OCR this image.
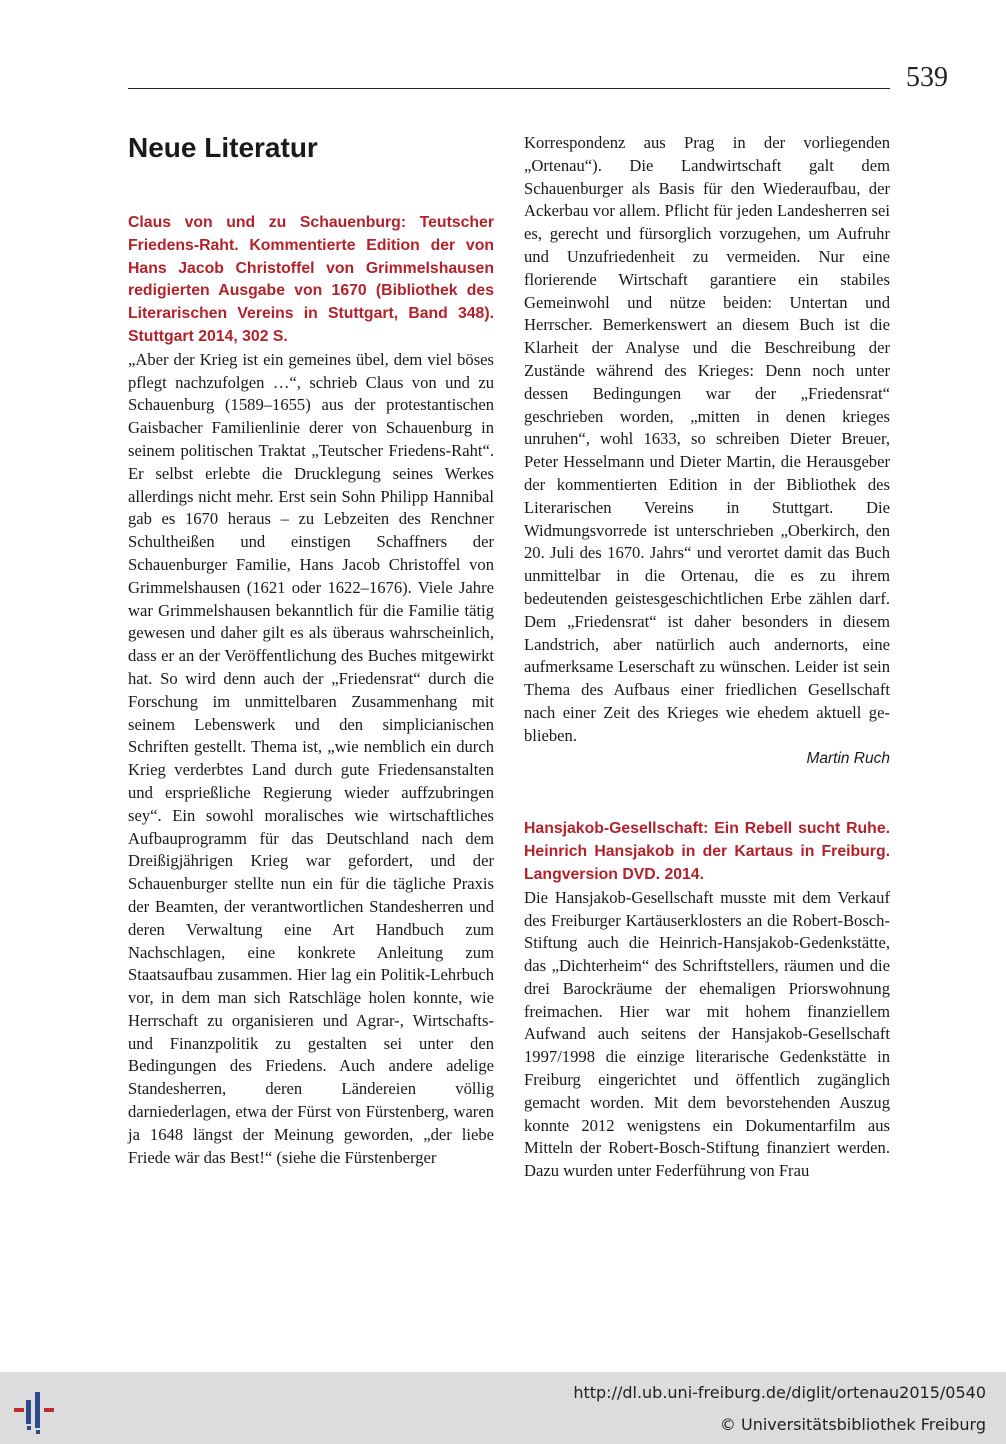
539
Neue Literatur

Claus von und zu Schauenburg: Teutscher Friedens-Raht. Kommentierte Edition der von Hans Jacob Christoffel von Grimmelshausen redigierten Ausgabe von 1670 (Bibliothek des Literarischen Vereins in Stuttgart, Band 348). Stuttgart 2014, 302 S.

„Aber der Krieg ist ein gemeines übel, dem viel böses pflegt nachzufolgen …“, schrieb Claus von und zu Schauenburg (1589–1655) aus der protestantischen Gaisbacher Familienlinie derer von Schauenburg in seinem politischen Traktat „Teutscher Friedens-Raht“. Er selbst erlebte die Drucklegung seines Werkes allerdings nicht mehr. Erst sein Sohn Philipp Hannibal gab es 1670 heraus – zu Lebzeiten des Renchner Schultheißen und einstigen Schaffners der Schauenburger Familie, Hans Jacob Christoffel von Grimmelshausen (1621 oder 1622–1676). Viele Jahre war Grimmelshausen bekanntlich für die Familie tätig gewesen und daher gilt es als überaus wahrscheinlich, dass er an der Veröffentlichung des Buches mitgewirkt hat. So wird denn auch der „Friedensrat“ durch die Forschung im unmittelbaren Zusammenhang mit seinem Lebenswerk und den simplicianischen Schriften gestellt. Thema ist, „wie nemblich ein durch Krieg verderbtes Land durch gute Friedensanstalten und ersprießliche Regierung wieder auffzubringen sey“. Ein sowohl moralisches wie wirtschaftliches Aufbauprogramm für das Deutschland nach dem Dreißigjährigen Krieg war gefordert, und der Schauenburger stellte nun ein für die tägliche Praxis der Beamten, der verantwortlichen Standesherren und deren Verwaltung eine Art Handbuch zum Nachschlagen, eine konkrete Anleitung zum Staatsaufbau zusammen. Hier lag ein Politik-Lehrbuch vor, in dem man sich Ratschläge holen konnte, wie Herrschaft zu organisieren und Agrar-, Wirtschafts- und Finanzpolitik zu gestalten sei unter den Bedingungen des Friedens. Auch andere adelige Standesherren, deren Ländereien völlig darniederlagen, etwa der Fürst von Fürstenberg, waren ja 1648 längst der Meinung geworden, „der liebe Friede wär das Best!“ (siehe die Fürstenberger

Korrespondenz aus Prag in der vorliegenden „Ortenau“). Die Landwirtschaft galt dem Schauenburger als Basis für den Wiederaufbau, der Ackerbau vor allem. Pflicht für jeden Landesherren sei es, gerecht und fürsorglich vorzugehen, um Aufruhr und Unzufriedenheit zu vermeiden. Nur eine florierende Wirtschaft garantiere ein stabiles Gemeinwohl und nütze beiden: Untertan und Herrscher. Bemerkenswert an diesem Buch ist die Klarheit der Analyse und die Beschreibung der Zustände während des Krieges: Denn noch unter dessen Bedingungen war der „Friedensrat“ geschrieben worden, „mitten in denen krieges unruhen“, wohl 1633, so schreiben Dieter Breuer, Peter Hesselmann und Dieter Martin, die Herausgeber der kommentierten Edition in der Bibliothek des Literarischen Vereins in Stuttgart. Die Widmungsvorrede ist unterschrieben „Oberkirch, den 20. Juli des 1670. Jahrs“ und verortet damit das Buch unmittelbar in die Ortenau, die es zu ihrem bedeutenden geistesgeschichtlichen Erbe zählen darf. Dem „Friedensrat“ ist daher besonders in diesem Landstrich, aber natürlich auch andernorts, eine aufmerksame Leserschaft zu wünschen. Leider ist sein Thema des Aufbaus einer friedlichen Gesellschaft nach einer Zeit des Krieges wie ehedem aktuell geblieben.

Martin Ruch

Hansjakob-Gesellschaft: Ein Rebell sucht Ruhe. Heinrich Hansjakob in der Kartaus in Freiburg. Langversion DVD. 2014.

Die Hansjakob-Gesellschaft musste mit dem Verkauf des Freiburger Kartäuserklosters an die Robert-Bosch-Stiftung auch die Heinrich-Hansjakob-Gedenkstätte, das „Dichterheim“ des Schriftstellers, räumen und die drei Barockräume der ehemaligen Priorswohnung freimachen. Hier war mit hohem finanziellem Aufwand auch seitens der Hansjakob-Gesellschaft 1997/1998 die einzige literarische Gedenkstätte in Freiburg eingerichtet und öffentlich zugänglich gemacht worden. Mit dem bevorstehenden Auszug konnte 2012 wenigstens ein Dokumentarfilm aus Mitteln der Robert-Bosch-Stiftung finanziert werden. Dazu wurden unter Federführung von Frau

http://dl.ub.uni-freiburg.de/diglit/ortenau2015/0540
© Universitätsbibliothek Freiburg
